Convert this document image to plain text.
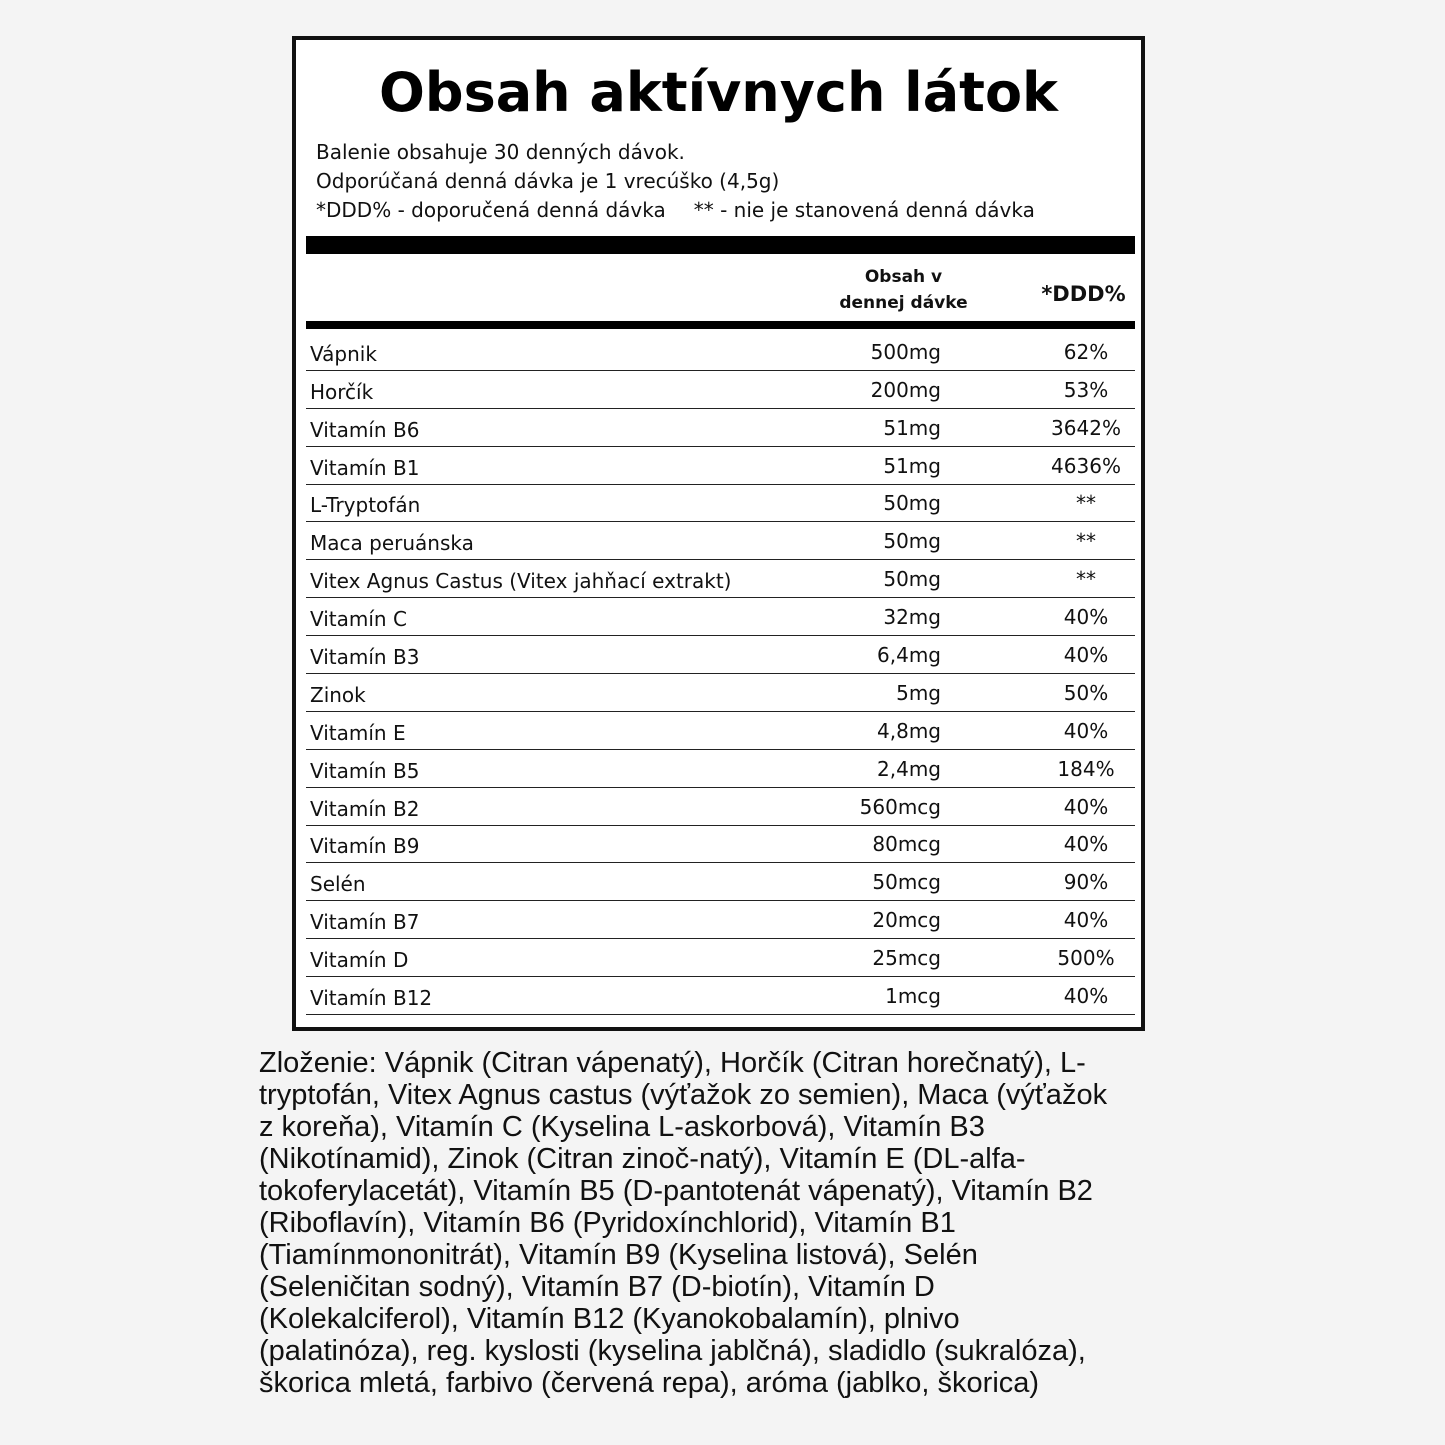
Obsah aktívnych látok
Balenie obsahuje 30 denných dávok.
Odporúčaná denná dávka je 1 vrecúško (4,5g)
*DDD% - doporučená denná dávka ** - nie je stanovená denná dávka
Obsah v
dennej dávke	*DDD%
Vápnik	500mg	62%
Horčík	200mg	53%
Vitamín B6	51mg	3642%
Vitamín B1	51mg	4636%
L-Tryptofán	50mg	**
Maca peruánska	50mg	**
Vitex Agnus Castus (Vitex jahňací extrakt)	50mg	**
Vitamín C	32mg	40%
Vitamín B3	6,4mg	40%
Zinok	5mg	50%
Vitamín E	4,8mg	40%
Vitamín B5	2,4mg	184%
Vitamín B2	560mcg	40%
Vitamín B9	80mcg	40%
Selén	50mcg	90%
Vitamín B7	20mcg	40%
Vitamín D	25mcg	500%
Vitamín B12	1mcg	40%
Zloženie: Vápnik (Citran vápenatý), Horčík (Citran horečnatý), L-
tryptofán, Vitex Agnus castus (výťažok zo semien), Maca (výťažok
z koreňa), Vitamín C (Kyselina L-askorbová), Vitamín B3
(Nikotínamid), Zinok (Citran zinoč-natý), Vitamín E (DL-alfa-
tokoferylacetát), Vitamín B5 (D-pantotenát vápenatý), Vitamín B2
(Riboflavín), Vitamín B6 (Pyridoxínchlorid), Vitamín B1
(Tiamínmononitrát), Vitamín B9 (Kyselina listová), Selén
(Seleničitan sodný), Vitamín B7 (D-biotín), Vitamín D
(Kolekalciferol), Vitamín B12 (Kyanokobalamín), plnivo
(palatinóza), reg. kyslosti (kyselina jablčná), sladidlo (sukralóza),
škorica mletá, farbivo (červená repa), aróma (jablko, škorica)
